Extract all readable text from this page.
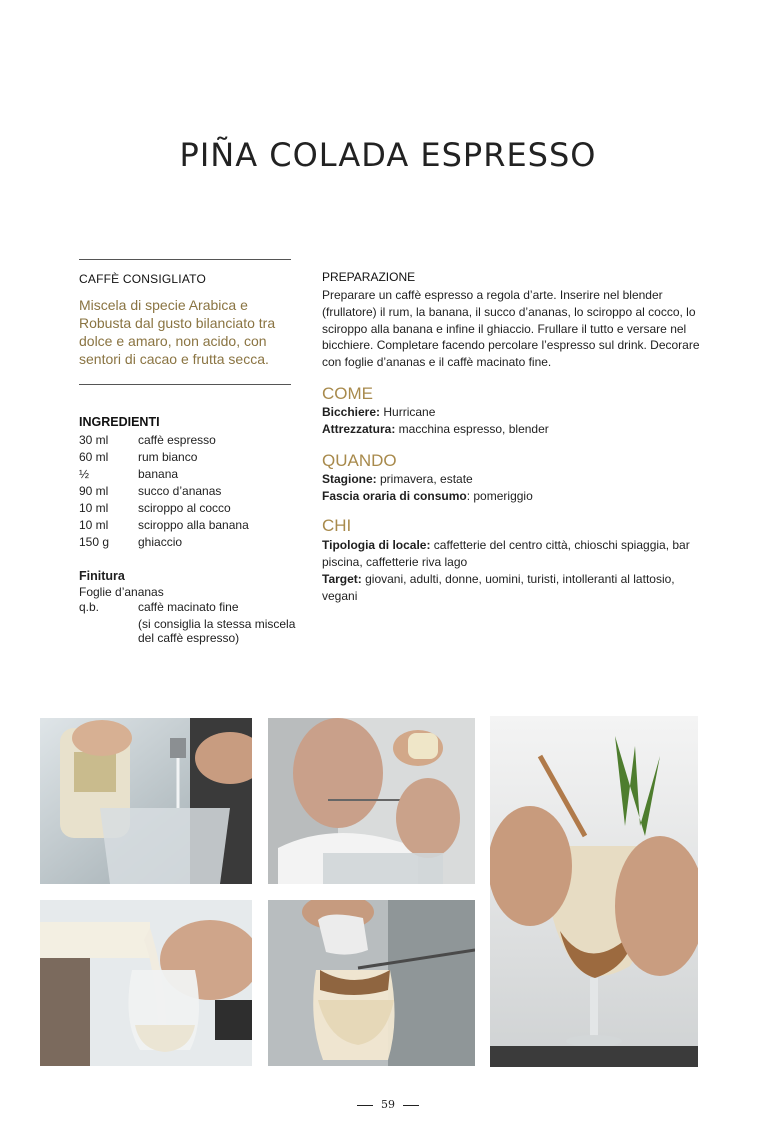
PIÑA COLADA ESPRESSO
CAFFÈ CONSIGLIATO
Miscela di specie Arabica e Robusta dal gusto bilanciato tra dolce e amaro, non acido, con sentori di cacao e frutta secca.
INGREDIENTI
30 ml	caffè espresso
60 ml	rum bianco
½	banana
90 ml	succo d’ananas
10 ml	sciroppo al cocco
10 ml	sciroppo alla banana
150 g	ghiaccio
Finitura
Foglie d’ananas
q.b.	caffè macinato fine
(si consiglia la stessa miscela del caffè espresso)
PREPARAZIONE
Preparare un caffè espresso a regola d’arte. Inserire nel blender (frullatore) il rum, la banana, il succo d’ananas, lo sciroppo al cocco, lo sciroppo alla banana e infine il ghiaccio. Frullare il tutto e versare nel bicchiere. Completare facendo percolare l’espresso sul drink. Decorare con foglie d’ananas e il caffè macinato fine.
COME
Bicchiere: Hurricane
Attrezzatura: macchina espresso, blender
QUANDO
Stagione: primavera, estate
Fascia oraria di consumo: pomeriggio
CHI
Tipologia di locale: caffetterie del centro città, chioschi spiaggia, bar piscina, caffetterie riva lago
Target: giovani, adulti, donne, uomini, turisti, intolleranti al lattosio, vegani
59
